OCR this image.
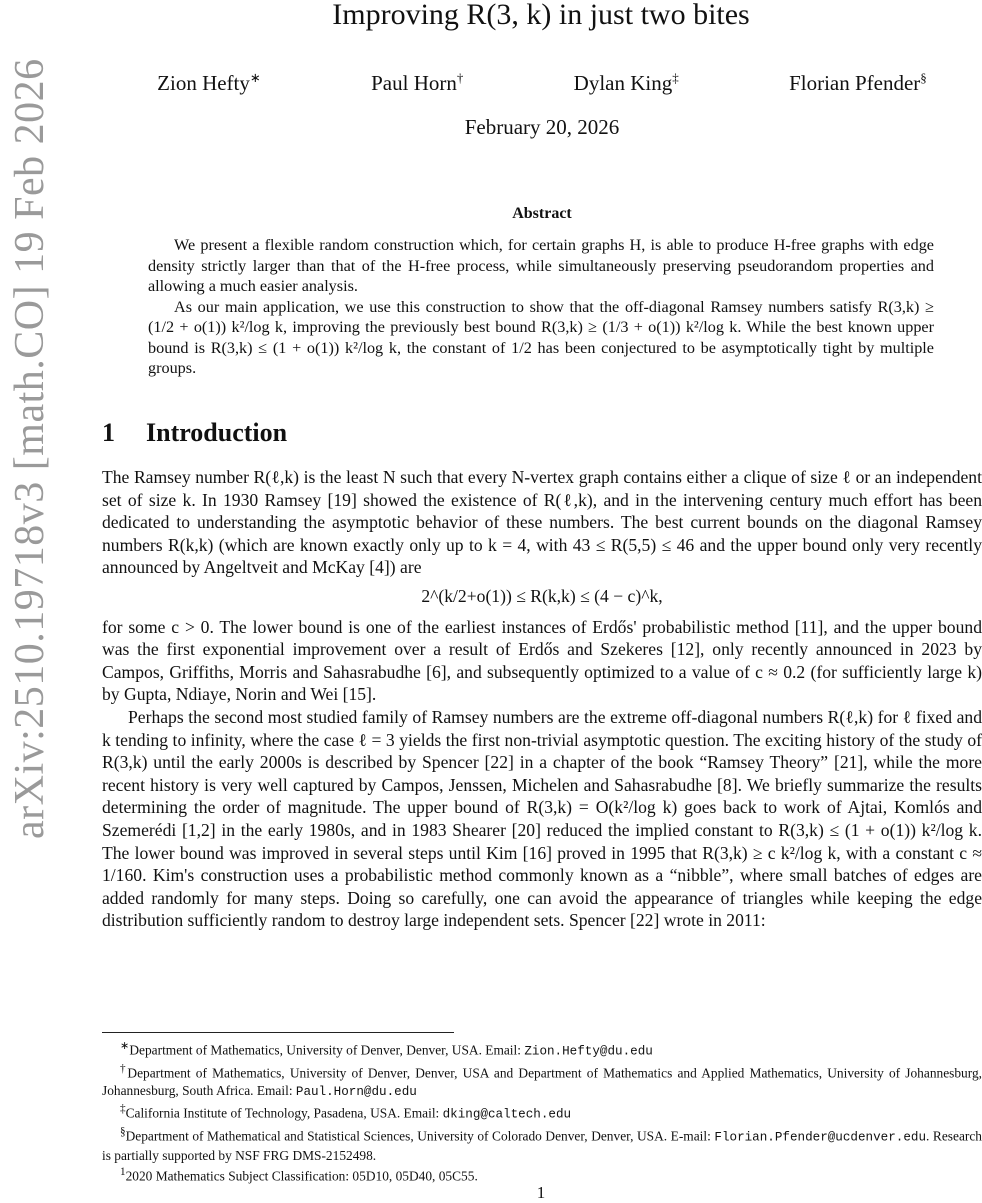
arXiv:2510.19718v3 [math.CO] 19 Feb 2026
Improving R(3, k) in just two bites
Zion Hefty∗	Paul Horn†	Dylan King‡	Florian Pfender§
February 20, 2026
Abstract

We present a flexible random construction which, for certain graphs H, is able to produce H-free graphs with edge density strictly larger than that of the H-free process, while simultaneously preserving pseudorandom properties and allowing a much easier analysis.

As our main application, we use this construction to show that the off-diagonal Ramsey numbers satisfy R(3,k) ≥ (1/2 + o(1)) k²/log k, improving the previously best bound R(3,k) ≥ (1/3 + o(1)) k²/log k. While the best known upper bound is R(3,k) ≤ (1 + o(1)) k²/log k, the constant of 1/2 has been conjectured to be asymptotically tight by multiple groups.

1 Introduction

The Ramsey number R(ℓ,k) is the least N such that every N-vertex graph contains either a clique of size ℓ or an independent set of size k. In 1930 Ramsey [19] showed the existence of R(ℓ,k), and in the intervening century much effort has been dedicated to understanding the asymptotic behavior of these numbers. The best current bounds on the diagonal Ramsey numbers R(k,k) (which are known exactly only up to k = 4, with 43 ≤ R(5,5) ≤ 46 and the upper bound only very recently announced by Angeltveit and McKay [4]) are

2^(k/2+o(1)) ≤ R(k,k) ≤ (4 − c)^k,

for some c > 0. The lower bound is one of the earliest instances of Erdős' probabilistic method [11], and the upper bound was the first exponential improvement over a result of Erdős and Szekeres [12], only recently announced in 2023 by Campos, Griffiths, Morris and Sahasrabudhe [6], and subsequently optimized to a value of c ≈ 0.2 (for sufficiently large k) by Gupta, Ndiaye, Norin and Wei [15].

Perhaps the second most studied family of Ramsey numbers are the extreme off-diagonal numbers R(ℓ,k) for ℓ fixed and k tending to infinity, where the case ℓ = 3 yields the first non-trivial asymptotic question. The exciting history of the study of R(3,k) until the early 2000s is described by Spencer [22] in a chapter of the book “Ramsey Theory” [21], while the more recent history is very well captured by Campos, Jenssen, Michelen and Sahasrabudhe [8]. We briefly summarize the results determining the order of magnitude. The upper bound of R(3,k) = O(k²/log k) goes back to work of Ajtai, Komlós and Szemerédi [1,2] in the early 1980s, and in 1983 Shearer [20] reduced the implied constant to R(3,k) ≤ (1 + o(1)) k²/log k. The lower bound was improved in several steps until Kim [16] proved in 1995 that R(3,k) ≥ c k²/log k, with a constant c ≈ 1/160. Kim's construction uses a probabilistic method commonly known as a “nibble”, where small batches of edges are added randomly for many steps. Doing so carefully, one can avoid the appearance of triangles while keeping the edge distribution sufficiently random to destroy large independent sets. Spencer [22] wrote in 2011:

∗Department of Mathematics, University of Denver, Denver, USA. Email: Zion.Hefty@du.edu

†Department of Mathematics, University of Denver, Denver, USA and Department of Mathematics and Applied Mathematics, University of Johannesburg, Johannesburg, South Africa. Email: Paul.Horn@du.edu

‡California Institute of Technology, Pasadena, USA. Email: dking@caltech.edu

§Department of Mathematical and Statistical Sciences, University of Colorado Denver, Denver, USA. E-mail: Florian.Pfender@ucdenver.edu. Research is partially supported by NSF FRG DMS-2152498.

$^1$2020 Mathematics Subject Classification: 05D10, 05D40, 05C55.

1
